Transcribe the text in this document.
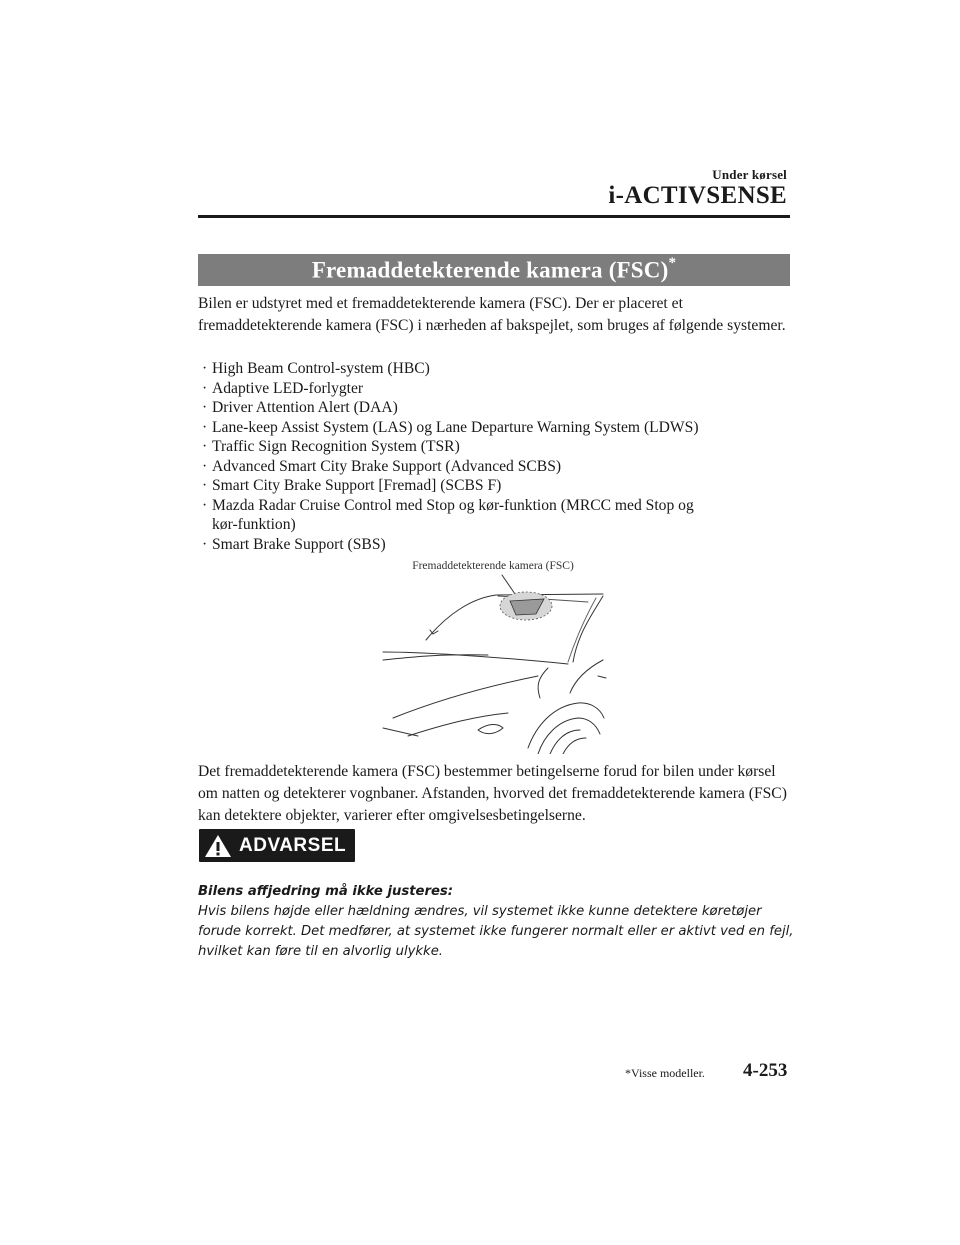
Under kørsel
i-ACTIVSENSE
Fremaddetekterende kamera (FSC)*
Bilen er udstyret med et fremaddetekterende kamera (FSC). Der er placeret et fremaddetekterende kamera (FSC) i nærheden af bakspejlet, som bruges af følgende systemer.
· High Beam Control-system (HBC)
· Adaptive LED-forlygter
· Driver Attention Alert (DAA)
· Lane-keep Assist System (LAS) og Lane Departure Warning System (LDWS)
· Traffic Sign Recognition System (TSR)
· Advanced Smart City Brake Support (Advanced SCBS)
· Smart City Brake Support [Fremad] (SCBS F)
· Mazda Radar Cruise Control med Stop og kør-funktion (MRCC med Stop og kør-funktion)
· Smart Brake Support (SBS)
Fremaddetekterende kamera (FSC)
Det fremaddetekterende kamera (FSC) bestemmer betingelserne forud for bilen under kørsel om natten og detekterer vognbaner. Afstanden, hvorved det fremaddetekterende kamera (FSC) kan detektere objekter, varierer efter omgivelsesbetingelserne.
ADVARSEL
Bilens affjedring må ikke justeres:
Hvis bilens højde eller hældning ændres, vil systemet ikke kunne detektere køretøjer forude korrekt. Det medfører, at systemet ikke fungerer normalt eller er aktivt ved en fejl, hvilket kan føre til en alvorlig ulykke.
*Visse modeller. 4-253
